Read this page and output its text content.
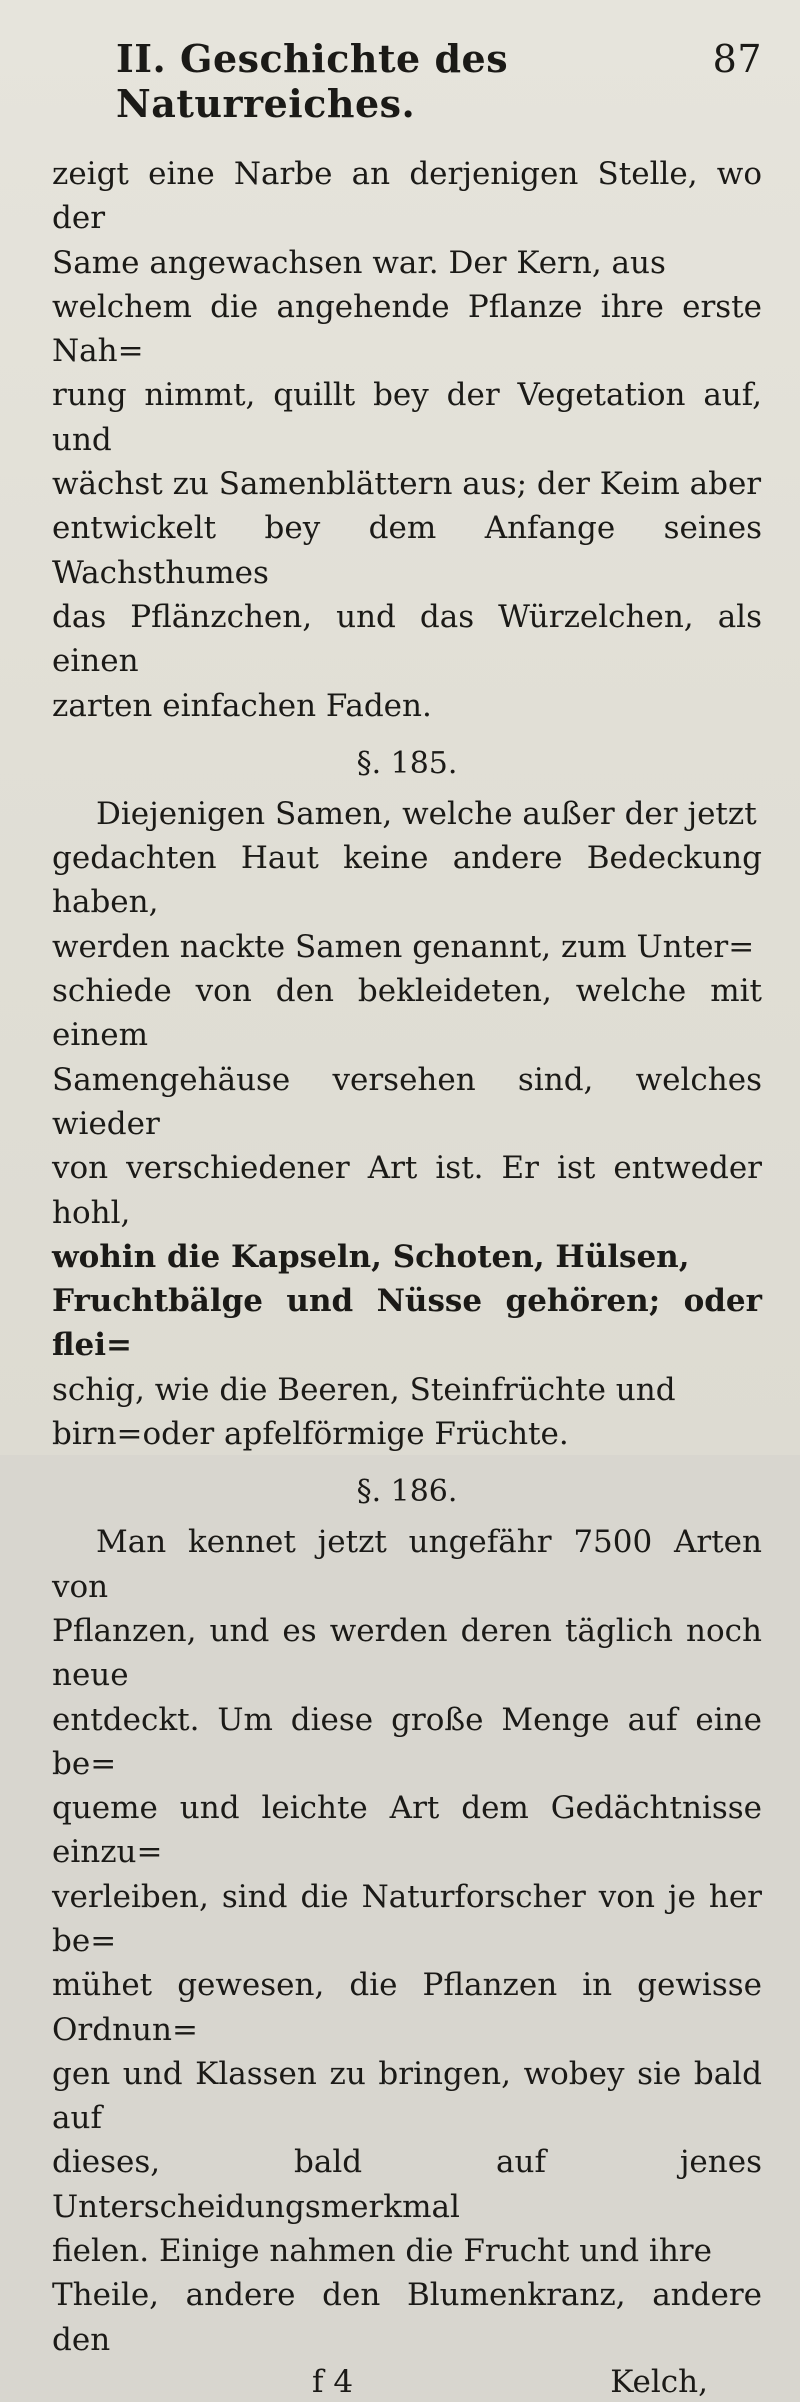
II. Geschichte des Naturreiches.
87

zeigt eine Narbe an derjenigen Stelle, wo der
Same angewachsen war. Der Kern, aus
welchem die angehende Pflanze ihre erste Nah=
rung nimmt, quillt bey der Vegetation auf, und
wächst zu Samenblättern aus; der Keim aber
entwickelt bey dem Anfange seines Wachsthumes
das Pflänzchen, und das Würzelchen, als einen
zarten einfachen Faden.

§. 185.

Diejenigen Samen, welche außer der jetzt
gedachten Haut keine andere Bedeckung haben,
werden nackte Samen genannt, zum Unter=
schiede von den bekleideten, welche mit einem
Samengehäuse versehen sind, welches wieder
von verschiedener Art ist. Er ist entweder hohl,
wohin die Kapseln, Schoten, Hülsen,
Fruchtbälge und Nüsse gehören; oder flei=
schig, wie die Beeren, Steinfrüchte und
birn=oder apfelförmige Früchte.

§. 186.

Man kennet jetzt ungefähr 7500 Arten von
Pflanzen, und es werden deren täglich noch neue
entdeckt. Um diese große Menge auf eine be=
queme und leichte Art dem Gedächtnisse einzu=
verleiben, sind die Naturforscher von je her be=
mühet gewesen, die Pflanzen in gewisse Ordnun=
gen und Klassen zu bringen, wobey sie bald auf
dieses, bald auf jenes Unterscheidungsmerkmal
fielen. Einige nahmen die Frucht und ihre
Theile, andere den Blumenkranz, andere den

f 4	Kelch,
